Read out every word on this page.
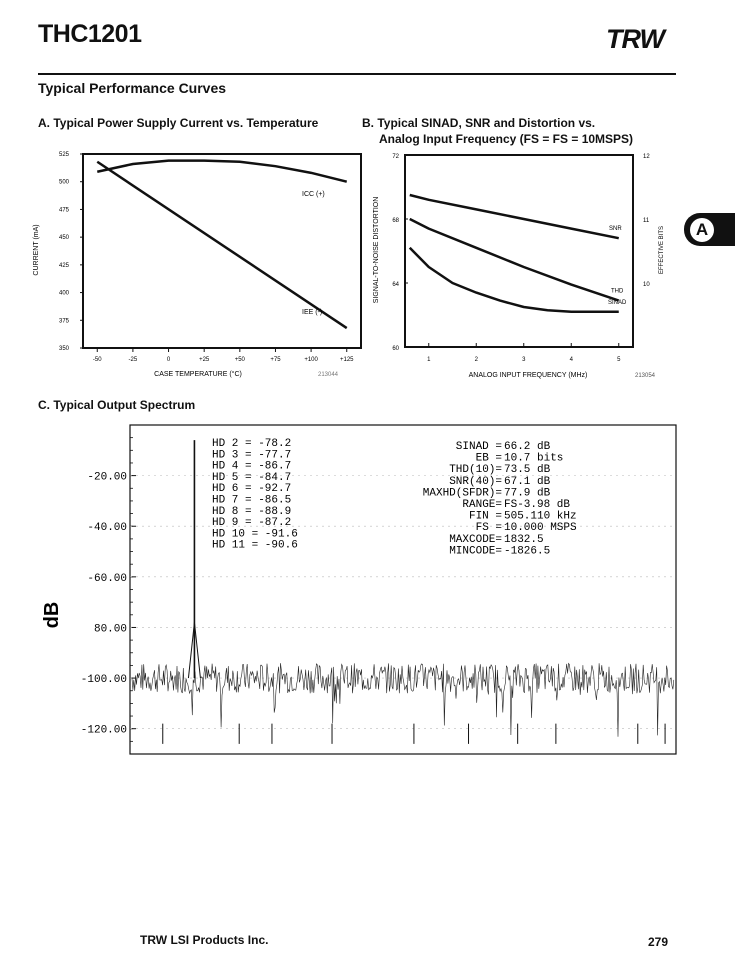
THC1201	TRW
Typical Performance Curves
A
A. Typical Power Supply Current vs. Temperature
350
375
400
425
450
475
500
525
-50	-25	0	+25	+50	+75	+100	+125
ICC (+)
IEE (-)
CURRENT (mA)
CASE TEMPERATURE (°C)	213044
B. Typical SINAD, SNR and Distortion vs.
Analog Input Frequency (FS = FS = 10MSPS)
60
64
68
72
10
11
12
1	2	3	4	5
SNR
THD
SINAD
SIGNAL-TO-NOISE DISTORTION	EFFECTIVE BITS
ANALOG INPUT FREQUENCY (MHz)	213054
C. Typical Output Spectrum
-20.00
-40.00
-60.00
80.00
-100.00
-120.00
HD 2 = -78.2
HD 3 = -77.7
HD 4 = -86.7
HD 5 = -84.7
HD 6 = -92.7
HD 7 = -86.5
HD 8 = -88.9
HD 9 = -87.2
HD 10 = -91.6
HD 11 = -90.6
SINAD = 66.2 dB
EB = 10.7 bits
THD(10)= 73.5 dB
SNR(40)= 67.1 dB
MAXHD(SFDR)= 77.9 dB
RANGE= FS-3.98 dB
FIN = 505.110 kHz
FS = 10.000 MSPS
MAXCODE= 1832.5
MINCODE= -1826.5
dB
TRW LSI Products Inc.	279
